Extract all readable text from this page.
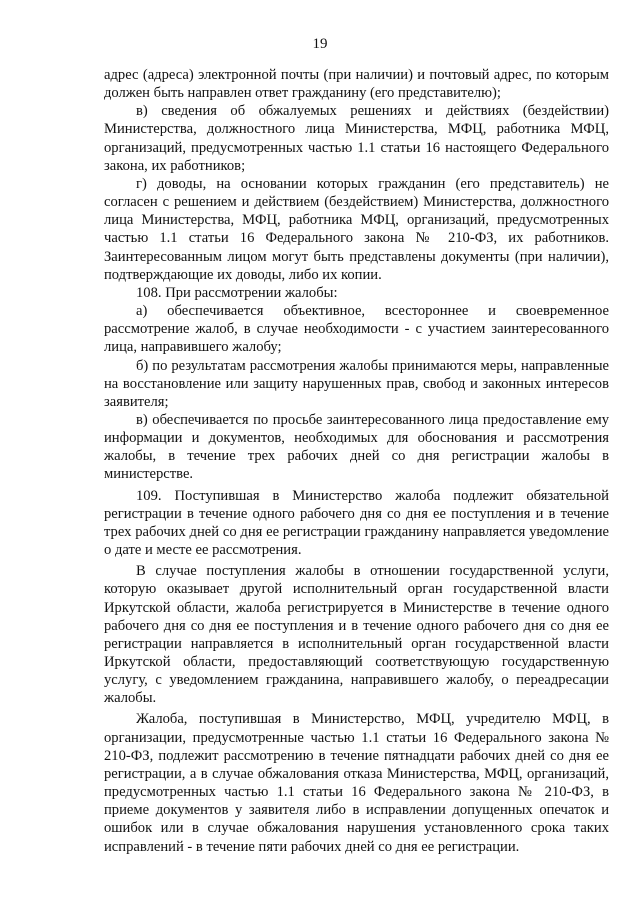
19

адрес (адреса) электронной почты (при наличии) и почтовый адрес, по которым должен быть направлен ответ гражданину (его представителю);

в) сведения об обжалуемых решениях и действиях (бездействии) Министерства, должностного лица Министерства, МФЦ, работника МФЦ, организаций, предусмотренных частью 1.1 статьи 16 настоящего Федерального закона, их работников;

г) доводы, на основании которых гражданин (его представитель) не согласен с решением и действием (бездействием) Министерства, должностного лица Министерства, МФЦ, работника МФЦ, организаций, предусмотренных частью 1.1 статьи 16 Федерального закона № 210-ФЗ, их работников. Заинтересованным лицом могут быть представлены документы (при наличии), подтверждающие их доводы, либо их копии.

108. При рассмотрении жалобы:

а) обеспечивается объективное, всестороннее и своевременное рассмотрение жалоб, в случае необходимости - с участием заинтересованного лица, направившего жалобу;

б) по результатам рассмотрения жалобы принимаются меры, направленные на восстановление или защиту нарушенных прав, свобод и законных интересов заявителя;

в) обеспечивается по просьбе заинтересованного лица предоставление ему информации и документов, необходимых для обоснования и рассмотрения жалобы, в течение трех рабочих дней со дня регистрации жалобы в министерстве.

109. Поступившая в Министерство жалоба подлежит обязательной регистрации в течение одного рабочего дня со дня ее поступления и в течение трех рабочих дней со дня ее регистрации гражданину направляется уведомление о дате и месте ее рассмотрения.

В случае поступления жалобы в отношении государственной услуги, которую оказывает другой исполнительный орган государственной власти Иркутской области, жалоба регистрируется в Министерстве в течение одного рабочего дня со дня ее поступления и в течение одного рабочего дня со дня ее регистрации направляется в исполнительный орган государственной власти Иркутской области, предоставляющий соответствующую государственную услугу, с уведомлением гражданина, направившего жалобу, о переадресации жалобы.

Жалоба, поступившая в Министерство, МФЦ, учредителю МФЦ, в организации, предусмотренные частью 1.1 статьи 16 Федерального закона № 210-ФЗ, подлежит рассмотрению в течение пятнадцати рабочих дней со дня ее регистрации, а в случае обжалования отказа Министерства, МФЦ, организаций, предусмотренных частью 1.1 статьи 16 Федерального закона № 210-ФЗ, в приеме документов у заявителя либо в исправлении допущенных опечаток и ошибок или в случае обжалования нарушения установленного срока таких исправлений - в течение пяти рабочих дней со дня ее регистрации.
